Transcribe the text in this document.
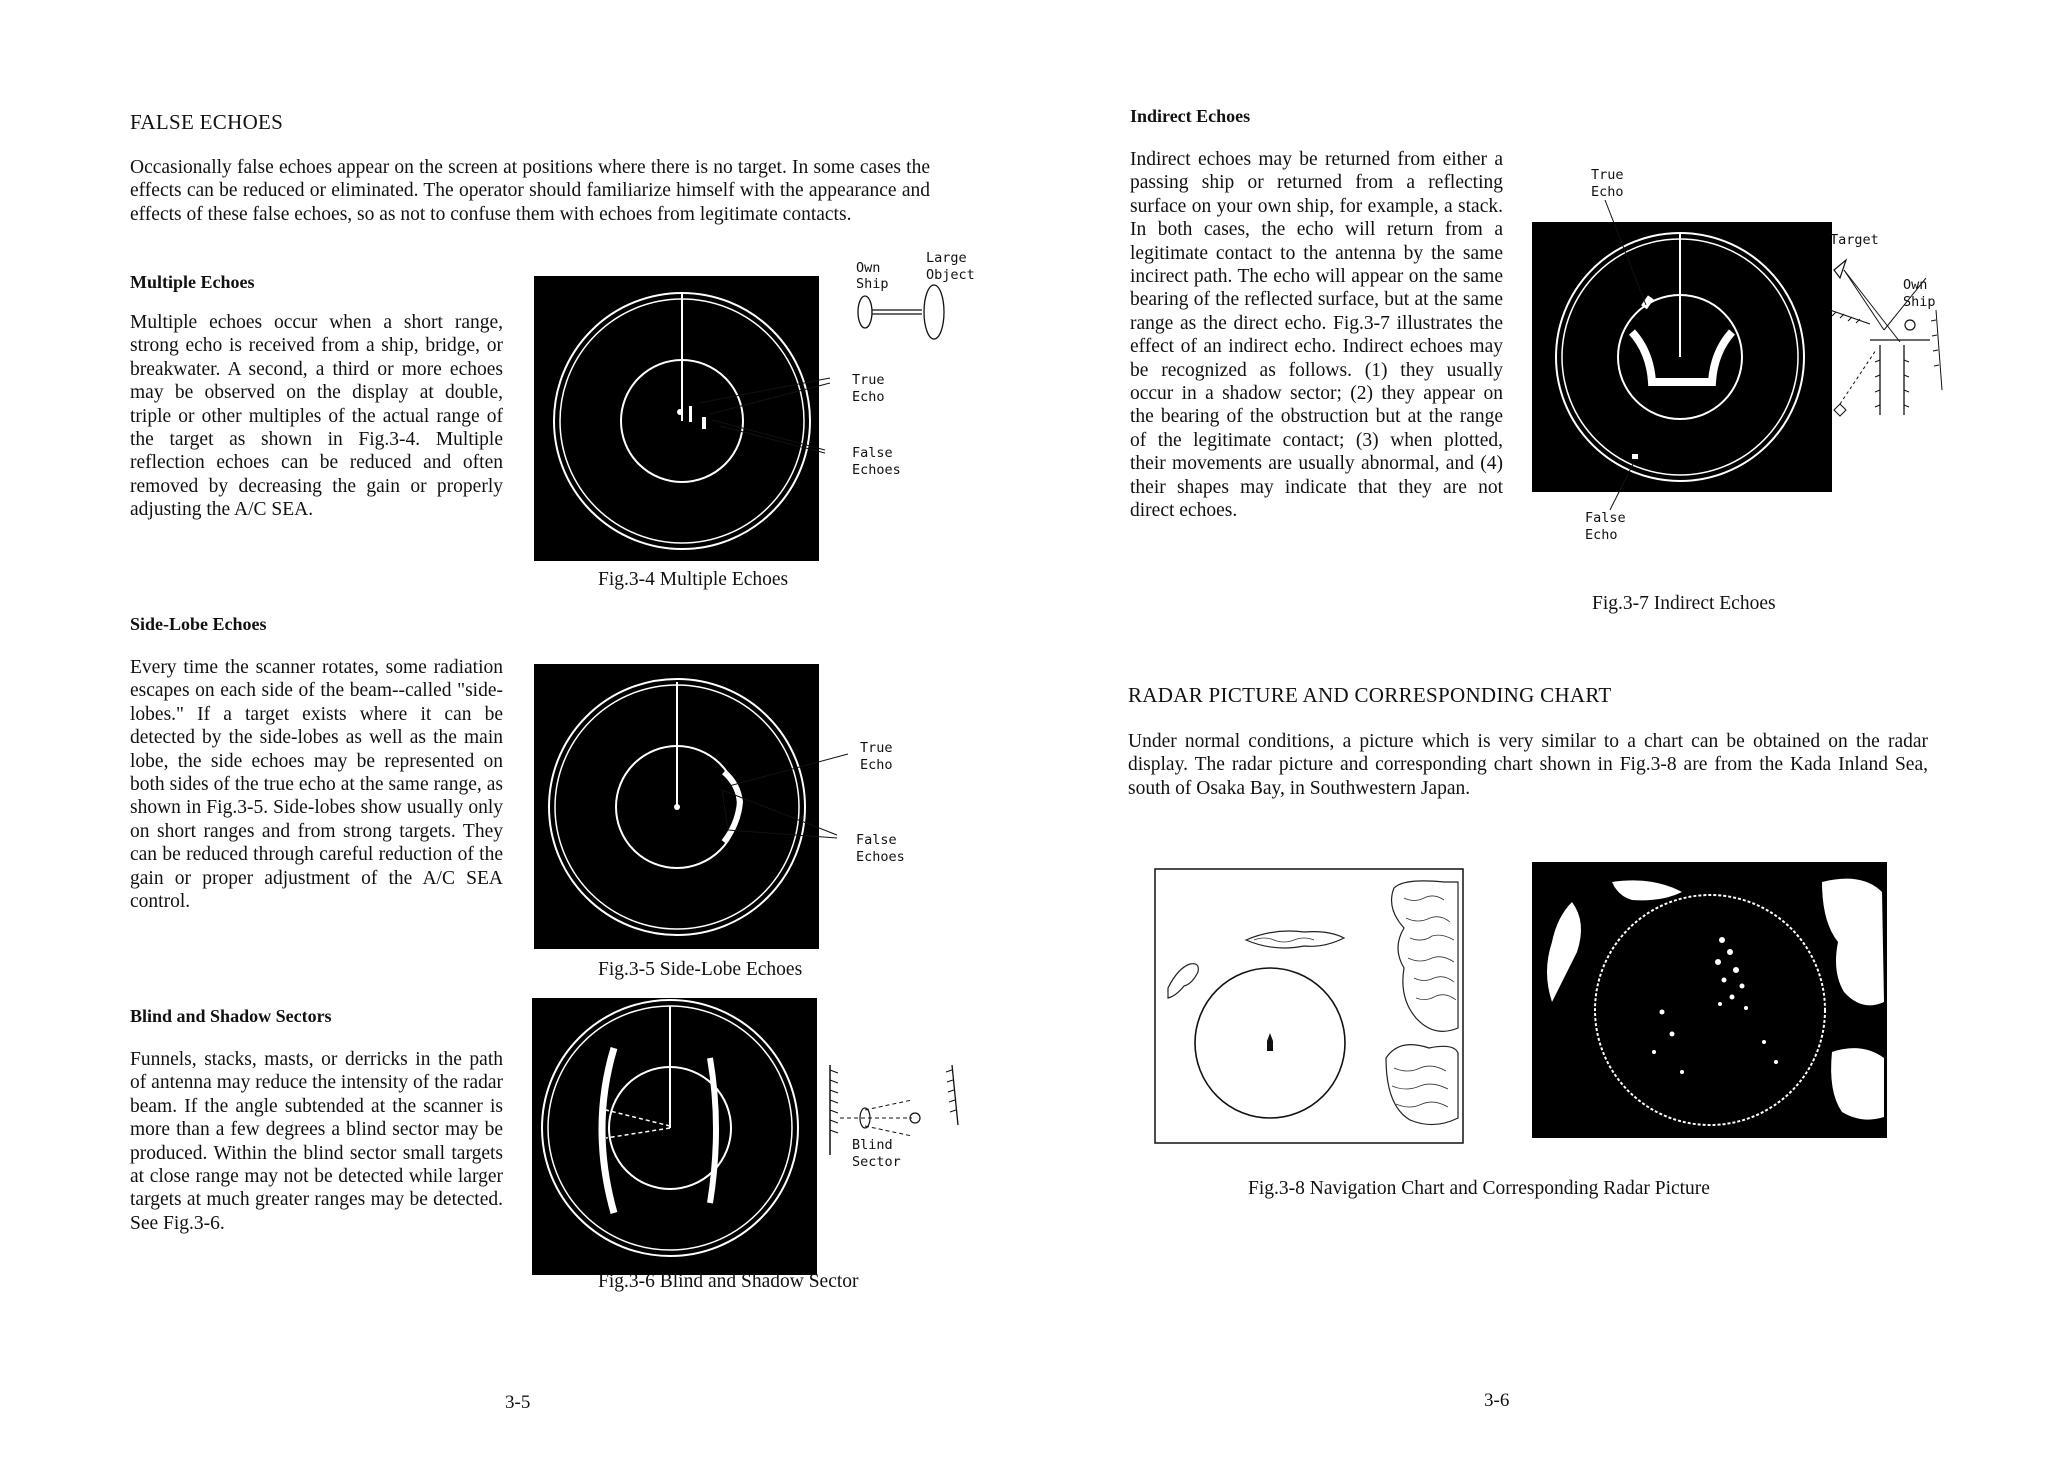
FALSE ECHOES

Occasionally false echoes appear on the screen at positions where there is no target. In some cases the effects can be reduced or eliminated. The operator should familiarize himself with the appearance and effects of these false echoes, so as not to confuse them with echoes from legitimate contacts.

Multiple Echoes

Multiple echoes occur when a short range, strong echo is received from a ship, bridge, or breakwater. A second, a third or more echoes may be observed on the display at double, triple or other multiples of the actual range of the target as shown in Fig.3-4. Multiple reflection echoes can be reduced and often removed by decreasing the gain or properly adjusting the A/C SEA.

Own
Ship
Large
Object
True
Echo
False
Echoes
Fig.3-4 Multiple Echoes
Side-Lobe Echoes

Every time the scanner rotates, some radiation escapes on each side of the beam--called "side-lobes." If a target exists where it can be detected by the side-lobes as well as the main lobe, the side echoes may be represented on both sides of the true echo at the same range, as shown in Fig.3-5. Side-lobes show usually only on short ranges and from strong targets. They can be reduced through careful reduction of the gain or proper adjustment of the A/C SEA control.

True
Echo
False
Echoes
Fig.3-5 Side-Lobe Echoes
Blind and Shadow Sectors

Funnels, stacks, masts, or derricks in the path of antenna may reduce the intensity of the radar beam. If the angle subtended at the scanner is more than a few degrees a blind sector may be produced. Within the blind sector small targets at close range may not be detected while larger targets at much greater ranges may be detected. See Fig.3-6.

Blind
Sector
Fig.3-6 Blind and Shadow Sector
3-5
Indirect Echoes

Indirect echoes may be returned from either a passing ship or returned from a reflecting surface on your own ship, for example, a stack. In both cases, the echo will return from a legitimate contact to the antenna by the same incirect path. The echo will appear on the same bearing of the reflected surface, but at the same range as the direct echo. Fig.3-7 illustrates the effect of an indirect echo. Indirect echoes may be recognized as follows. (1) they usually occur in a shadow sector; (2) they appear on the bearing of the obstruction but at the range of the legitimate contact; (3) when plotted, their movements are usually abnormal, and (4) their shapes may indicate that they are not direct echoes.

True
Echo
Target
Own
Ship
False
Echo
Fig.3-7 Indirect Echoes
RADAR PICTURE AND CORRESPONDING CHART

Under normal conditions, a picture which is very similar to a chart can be obtained on the radar display. The radar picture and corresponding chart shown in Fig.3-8 are from the Kada Inland Sea, south of Osaka Bay, in Southwestern Japan.

Fig.3-8 Navigation Chart and Corresponding Radar Picture
3-6
